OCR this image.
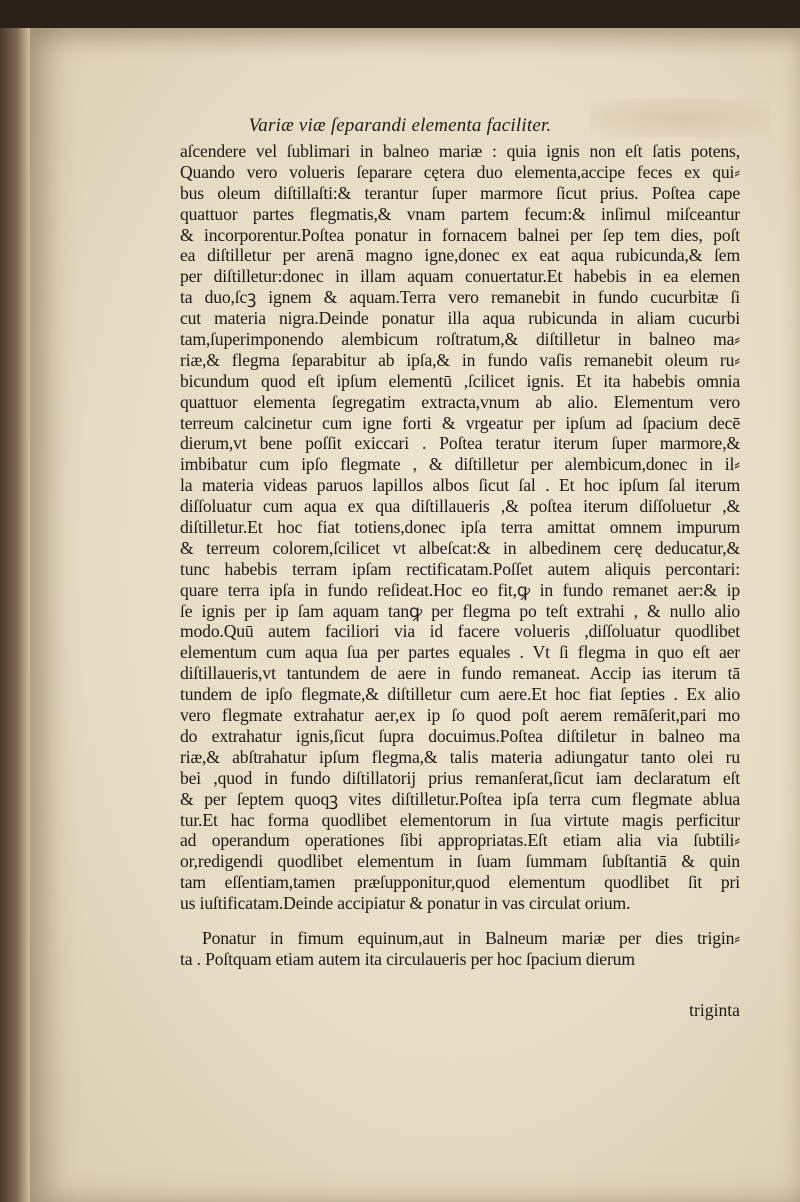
Variæ viæ ſeparandi elementa faciliter.
aſcendere vel ſublimari in balneo mariæ : quia ignis non eſt ſatis potens,
Quando vero volueris ſeparare cętera duo elementa,accipe feces ex qui⸗
bus oleum diſtillaſti:& terantur ſuper marmore ſicut prius. Poſtea cape
quattuor partes flegmatis,& vnam partem fecum:& inſimul miſceantur
& incorporentur.Poſtea ponatur in fornacem balnei per ſep tem dies, poſt
ea diſtilletur per arenā magno igne,donec ex eat aqua rubicunda,& ſem
per diſtilletur:donec in illam aquam conuertatur.Et habebis in ea elemen
ta duo,ſcꝫ ignem & aquam.Terra vero remanebit in fundo cucurbitæ ſi
cut materia nigra.Deinde ponatur illa aqua rubicunda in aliam cucurbi
tam,ſuperimponendo alembicum roſtratum,& diſtilletur in balneo ma⸗
riæ,& flegma ſeparabitur ab ipſa,& in fundo vaſis remanebit oleum ru⸗
bicundum quod eſt ipſum elementū ,ſcilicet ignis. Et ita habebis omnia
quattuor elementa ſegregatim extracta,vnum ab alio. Elementum vero
terreum calcinetur cum igne forti & vrgeatur per ipſum ad ſpacium decē
dierum,vt bene poſſit exiccari . Poſtea teratur iterum ſuper marmore,&
imbibatur cum ipſo flegmate , & diſtilletur per alembicum,donec in il⸗
la materia videas paruos lapillos albos ſicut ſal . Et hoc ipſum ſal iterum
diſſoluatur cum aqua ex qua diſtillaueris ,& poſtea iterum diſſoluetur ,&
diſtilletur.Et hoc fiat totiens,donec ipſa terra amittat omnem impurum
& terreum colorem,ſcilicet vt albeſcat:& in albedinem cerę deducatur,&
tunc habebis terram ipſam rectificatam.Poſſet autem aliquis percontari:
quare terra ipſa in fundo reſideat.Hoc eo fit,ꝙ in fundo remanet aer:& ip
ſe ignis per ip ſam aquam tanꝙ per flegma po teſt extrahi , & nullo alio
modo.Quū autem faciliori via id facere volueris ,diſſoluatur quodlibet
elementum cum aqua ſua per partes equales . Vt ſi flegma in quo eſt aer
diſtillaueris,vt tantundem de aere in fundo remaneat. Accip ias iterum tā
tundem de ipſo flegmate,& diſtilletur cum aere.Et hoc fiat ſepties . Ex alio
vero flegmate extrahatur aer,ex ip ſo quod poſt aerem remāſerit,pari mo
do extrahatur ignis,ſicut ſupra docuimus.Poſtea diſtiletur in balneo ma
riæ,& abſtrahatur ipſum flegma,& talis materia adiungatur tanto olei ru
bei ,quod in fundo diſtillatorij prius remanſerat,ſicut iam declaratum eſt
& per ſeptem quoqꝫ vites diſtilletur.Poſtea ipſa terra cum flegmate ablua
tur.Et hac forma quodlibet elementorum in ſua virtute magis perficitur
ad operandum operationes ſibi appropriatas.Eſt etiam alia via ſubtili⸗
or,redigendi quodlibet elementum in ſuam ſummam ſubſtantiā & quin
tam eſſentiam,tamen præſupponitur,quod elementum quodlibet ſit pri
us iuſtificatam.Deinde accipiatur & ponatur in vas circulat orium.
Ponatur in fimum equinum,aut in Balneum mariæ per dies trigin⸗
ta . Poſtquam etiam autem ita circulaueris per hoc ſpacium dierum
triginta
